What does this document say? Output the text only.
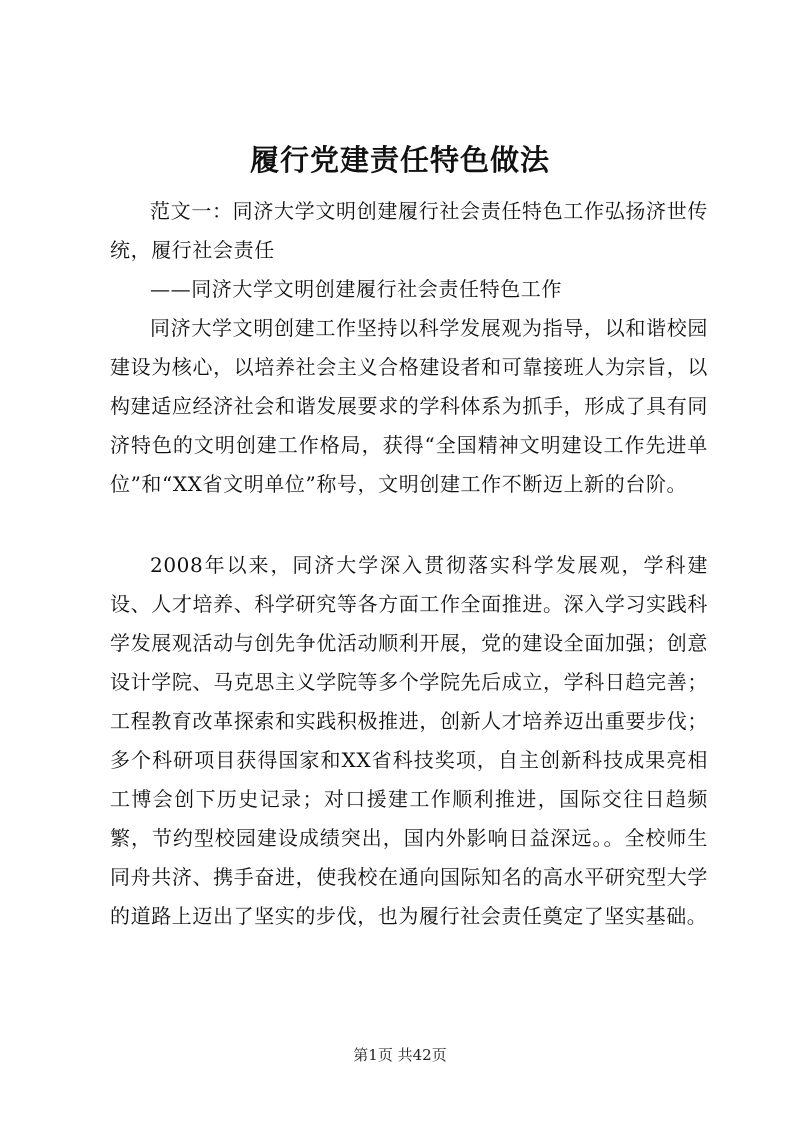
履行党建责任特色做法

范文一：同济大学文明创建履行社会责任特色工作弘扬济世传统，履行社会责任

——同济大学文明创建履行社会责任特色工作

同济大学文明创建工作坚持以科学发展观为指导，以和谐校园建设为核心，以培养社会主义合格建设者和可靠接班人为宗旨，以构建适应经济社会和谐发展要求的学科体系为抓手，形成了具有同济特色的文明创建工作格局，获得“全国精神文明建设工作先进单位”和“XX省文明单位”称号，文明创建工作不断迈上新的台阶。

2008年以来，同济大学深入贯彻落实科学发展观，学科建设、人才培养、科学研究等各方面工作全面推进。深入学习实践科学发展观活动与创先争优活动顺利开展，党的建设全面加强；创意设计学院、马克思主义学院等多个学院先后成立，学科日趋完善；工程教育改革探索和实践积极推进，创新人才培养迈出重要步伐；多个科研项目获得国家和XX省科技奖项，自主创新科技成果亮相工博会创下历史记录；对口援建工作顺利推进，国际交往日趋频繁，节约型校园建设成绩突出，国内外影响日益深远。。全校师生同舟共济、携手奋进，使我校在通向国际知名的高水平研究型大学的道路上迈出了坚实的步伐，也为履行社会责任奠定了坚实基础。

第1页 共42页
